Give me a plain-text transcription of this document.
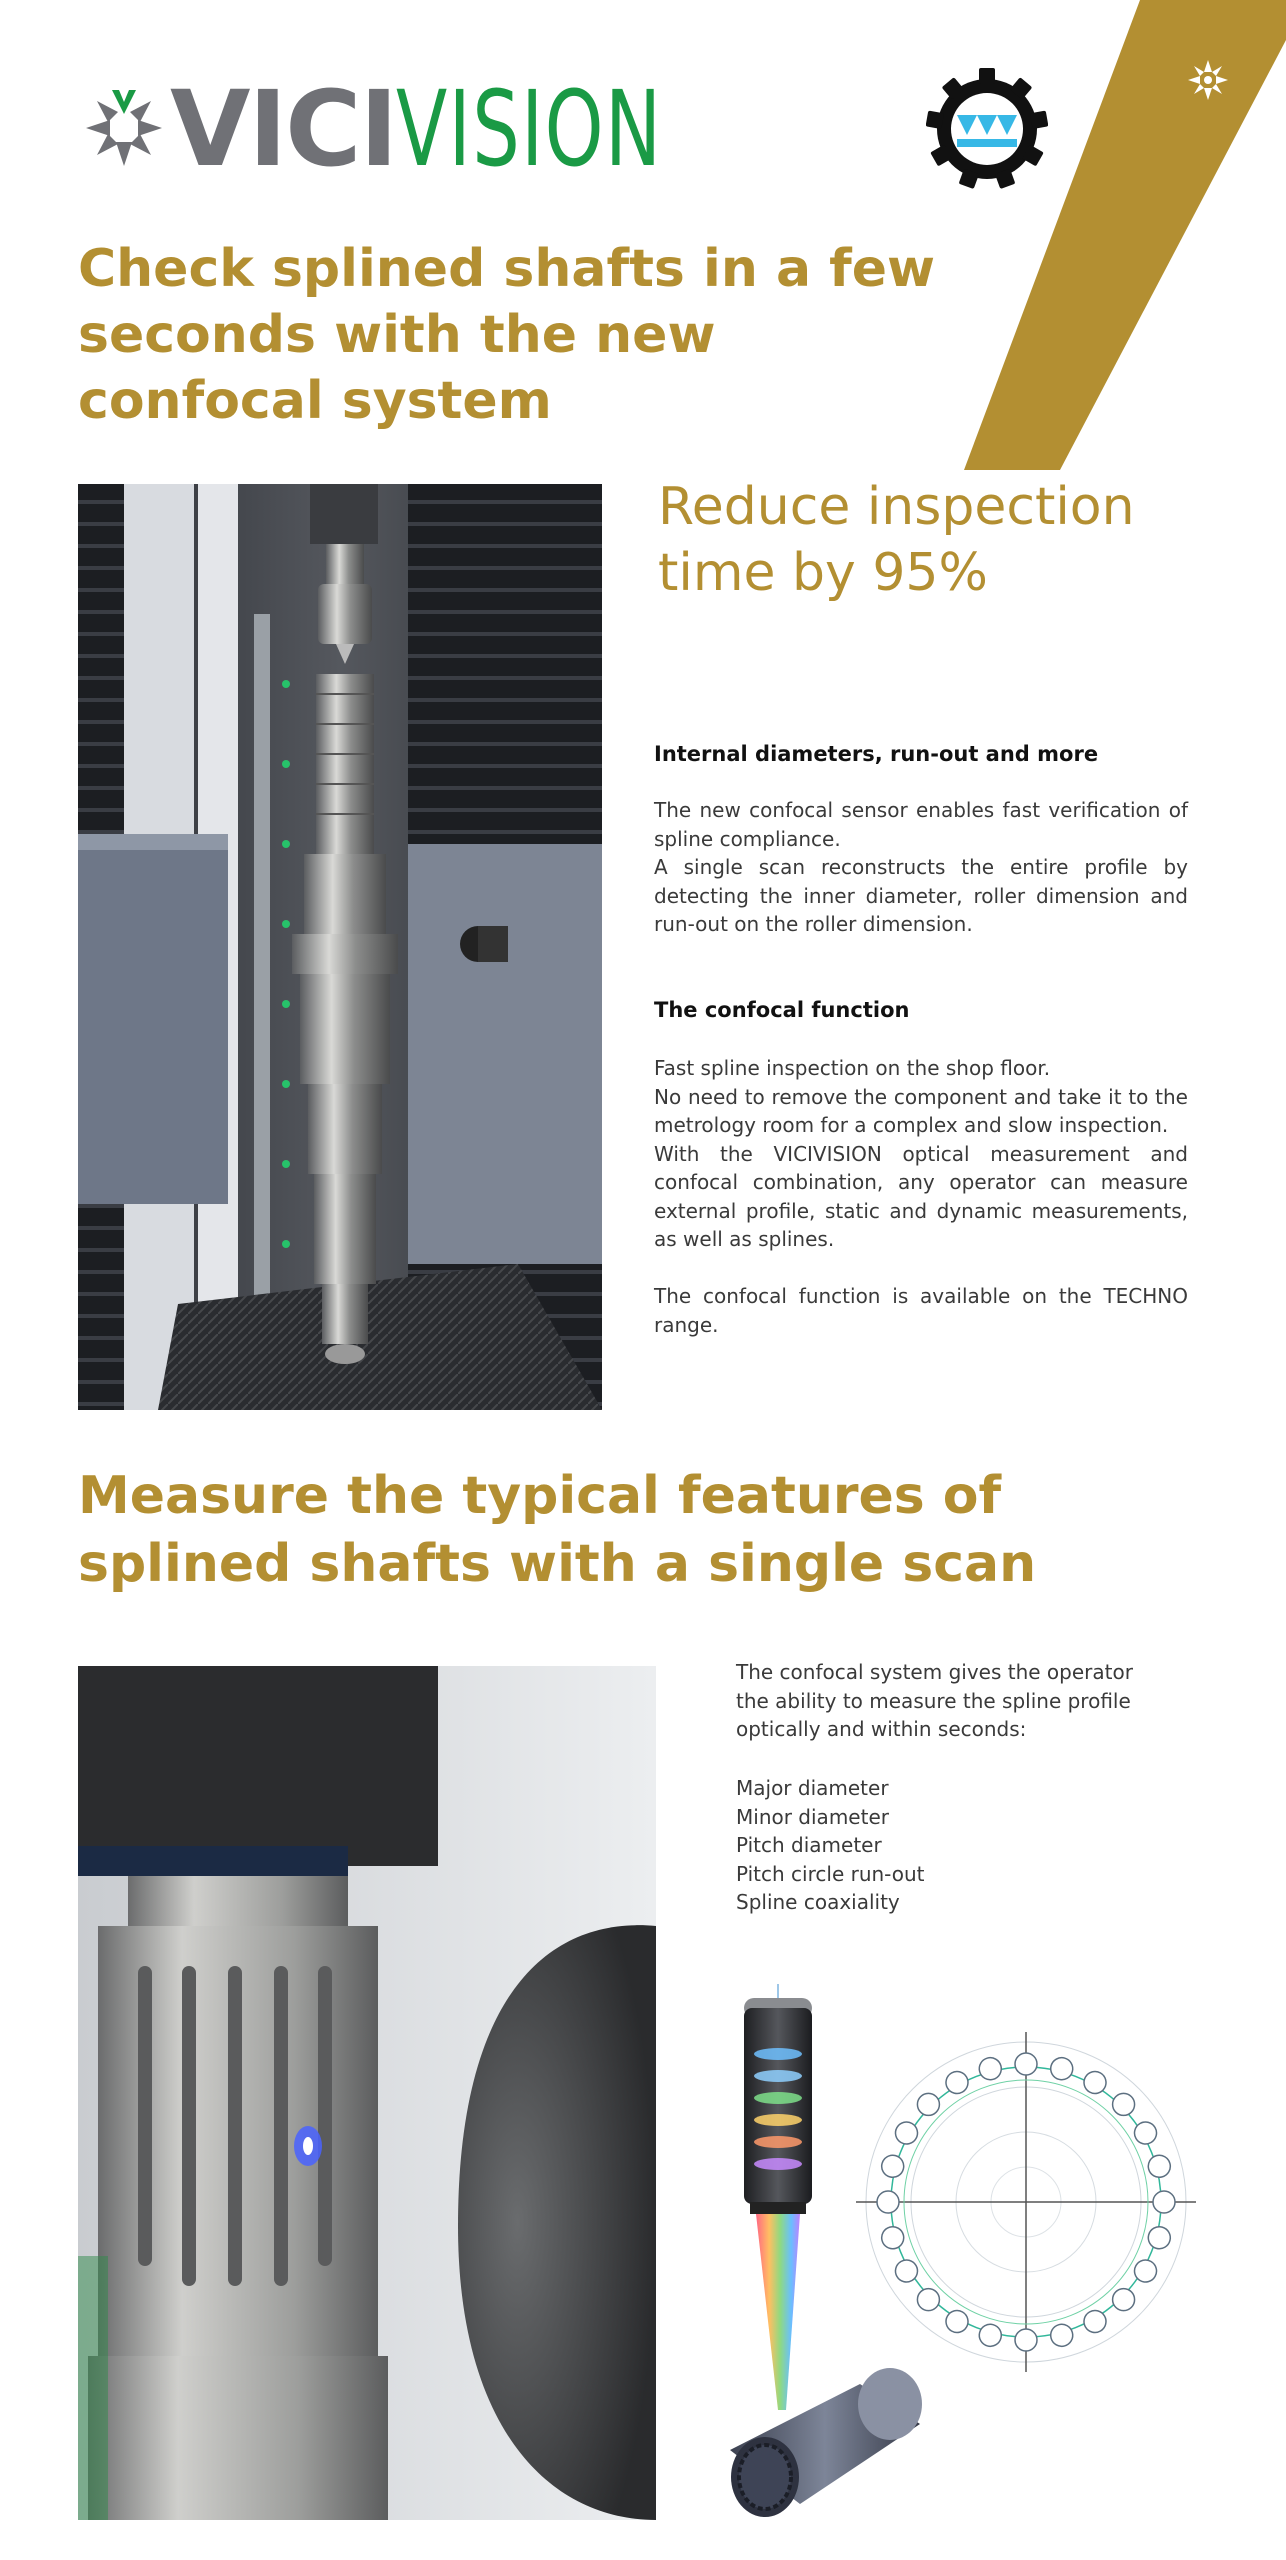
VICIVISION
Check splined shafts in a few seconds with the new confocal system
Reduce inspection time by 95%
Internal diameters, run-out and more

The new confocal sensor enables fast verification of spline compliance.

A single scan reconstructs the entire profile by detecting the inner diameter, roller dimension and run-out on the roller dimension.

The confocal function

Fast spline inspection on the shop floor.

No need to remove the component and take it to the metrology room for a complex and slow inspection.

With the VICIVISION optical measurement and confocal combination, any operator can measure external profile, static and dynamic measurements, as well as splines.

The confocal function is available on the TECHNO range.

Measure the typical features of splined shafts with a single scan

The confocal system gives the operator the ability to measure the spline profile optically and within seconds:

Major diameter
Minor diameter
Pitch diameter
Pitch circle run-out
Spline coaxiality
